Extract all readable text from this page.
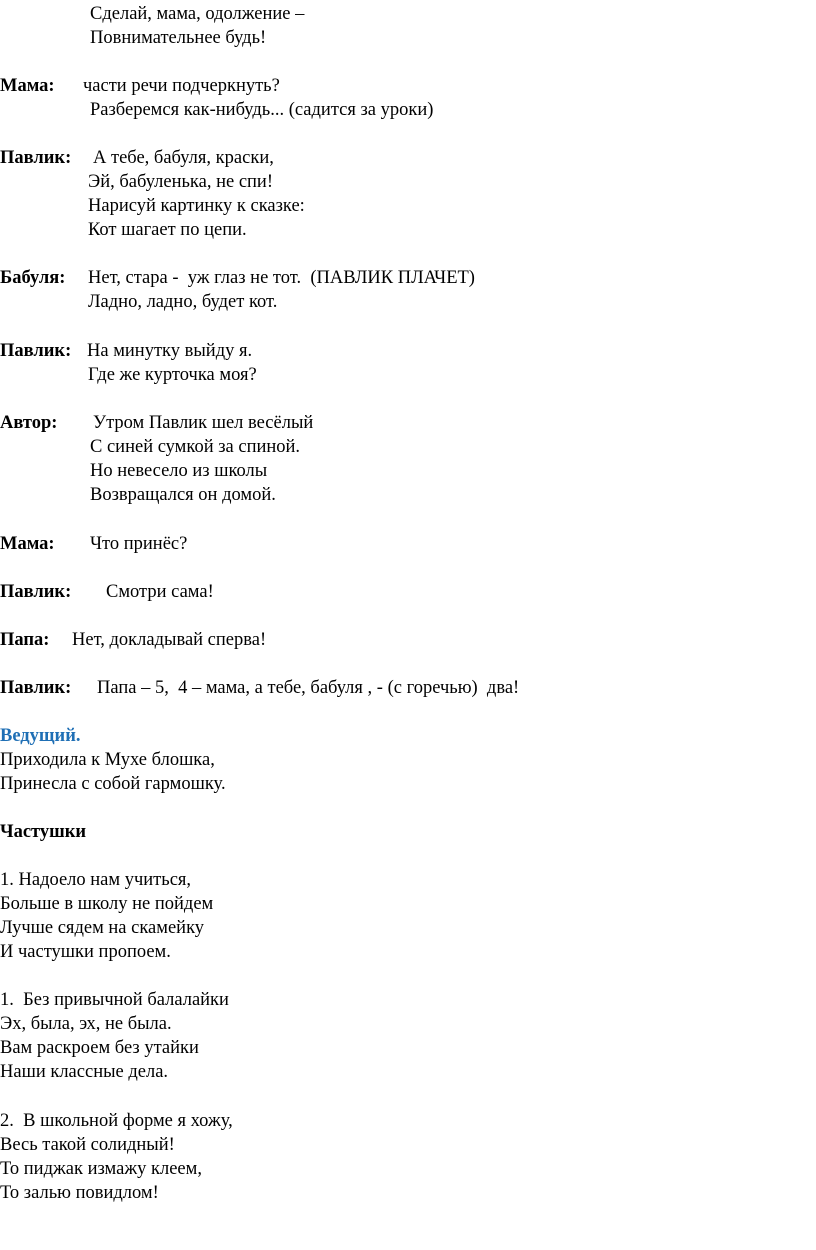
Сделай, мама, одолжение –
Повнимательнее будь!
Мама: части речи подчеркнуть?
Разберемся как-нибудь... (садится за уроки)
Павлик: А тебе, бабуля, краски,
Эй, бабуленька, не спи!
Нарисуй картинку к сказке:
Кот шагает по цепи.
Бабуля: Нет, стара -  уж глаз не тот.  (ПАВЛИК ПЛАЧЕТ)
Ладно, ладно, будет кот.
Павлик: На минутку выйду я.
Где же курточка моя?
Автор: Утром Павлик шел весёлый
С синей сумкой за спиной.
Но невесело из школы
Возвращался он домой.
Мама: Что принёс?
Павлик: Смотри сама!
Папа: Нет, докладывай сперва!
Павлик: Папа – 5,  4 – мама, а тебе, бабуля , - (с горечью)  два!
Ведущий.
Приходила к Мухе блошка,
Принесла с собой гармошку.
Частушки
1. Надоело нам учиться,
Больше в школу не пойдем
Лучше сядем на скамейку
И частушки пропоем.
1.  Без привычной балалайки
Эх, была, эх, не была.
Вам раскроем без утайки
Наши классные дела.
2.  В школьной форме я хожу,
Весь такой солидный!
То пиджак измажу клеем,
То залью повидлом!
